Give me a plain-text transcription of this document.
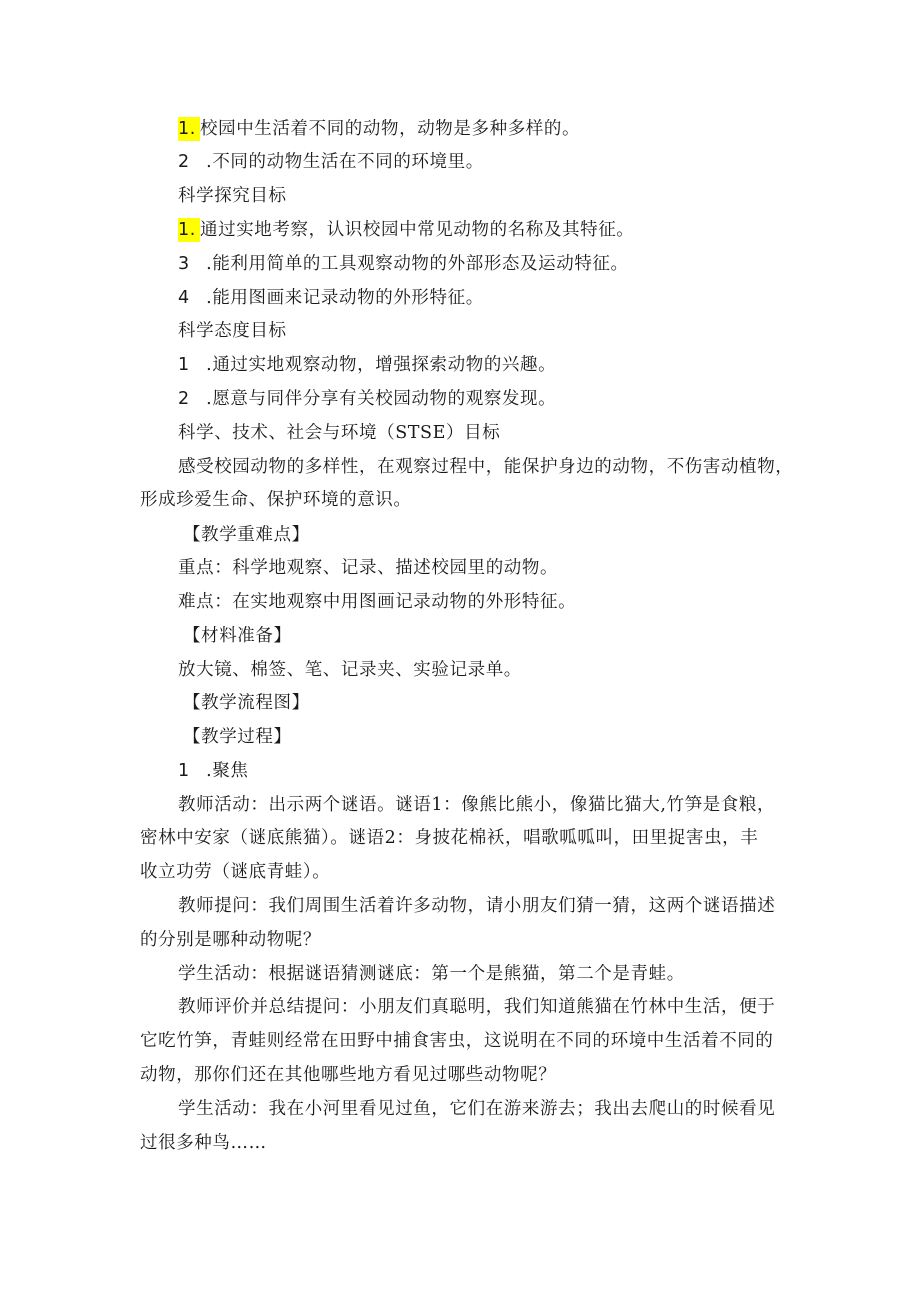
1. 校园中生活着不同的动物，动物是多种多样的。
2 .不同的动物生活在不同的环境里。
科学探究目标
1. 通过实地考察，认识校园中常见动物的名称及其特征。
3 .能利用简单的工具观察动物的外部形态及运动特征。
4 .能用图画来记录动物的外形特征。
科学态度目标
1 .通过实地观察动物，增强探索动物的兴趣。
2 .愿意与同伴分享有关校园动物的观察发现。
科学、技术、社会与环境（STSE）目标
感受校园动物的多样性，在观察过程中，能保护身边的动物，不伤害动植物，
形成珍爱生命、保护环境的意识。
【教学重难点】
重点：科学地观察、记录、描述校园里的动物。
难点：在实地观察中用图画记录动物的外形特征。
【材料准备】
放大镜、棉签、笔、记录夹、实验记录单。
【教学流程图】
【教学过程】
1 .聚焦
教师活动：出示两个谜语。谜语1：像熊比熊小，像猫比猫大,竹笋是食粮，
密林中安家（谜底熊猫）。谜语2：身披花棉袄，唱歌呱呱叫，田里捉害虫，丰
收立功劳（谜底青蛙）。
教师提问：我们周围生活着许多动物，请小朋友们猜一猜，这两个谜语描述
的分别是哪种动物呢？
学生活动：根据谜语猜测谜底：第一个是熊猫，第二个是青蛙。
教师评价并总结提问：小朋友们真聪明，我们知道熊猫在竹林中生活，便于
它吃竹笋，青蛙则经常在田野中捕食害虫，这说明在不同的环境中生活着不同的
动物，那你们还在其他哪些地方看见过哪些动物呢？
学生活动：我在小河里看见过鱼，它们在游来游去；我出去爬山的时候看见
过很多种鸟……
